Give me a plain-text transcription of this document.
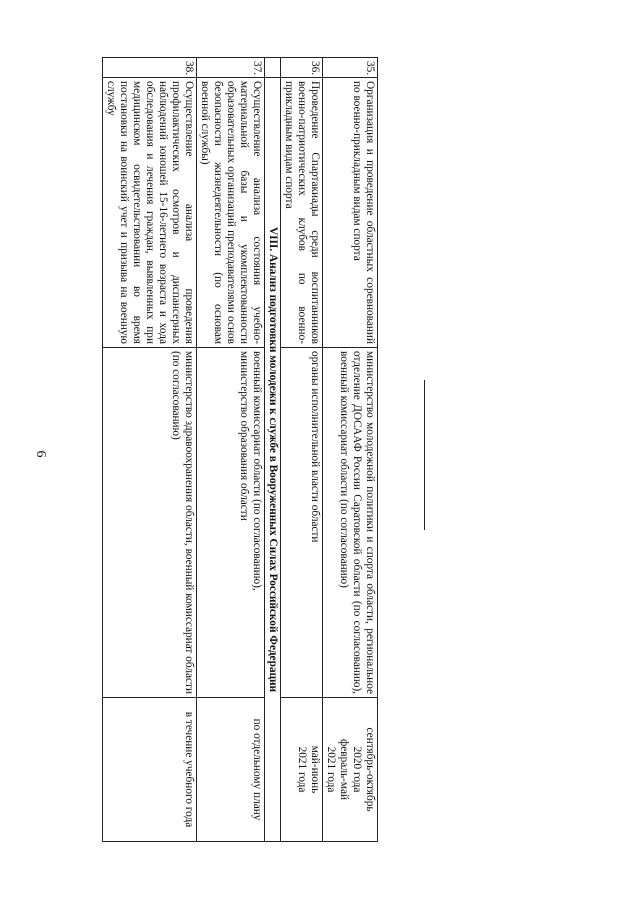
6
35.	Организация и проведение областных соревнований по военно-прикладным видам спорта	министерство молодежной политики и спорта области, региональное отделение ДОСААФ России Саратовской области (по согласованию), военный комиссариат области (по согласованию)	сентябрь-октябрь
2020 года
февраль-май
2021 года

36.	Проведение Спартакиады среди воспитанников военно-патриотических клубов по военно-прикладным видам спорта	органы исполнительной власти области	май-июнь
2021 года

	VIII. Анализ подготовки молодежи к службе в Вооруженных Силах Российской Федерации		
37.	Осуществление анализа состояния учебно-материальной базы и укомплектованности образовательных организаций преподавателями основ безопасности жизнедеятельности (по основам военной службы)	военный комиссариат области (по согласованию),
министерство образования области	по отдельному плану
38.	Осуществление анализа проведения профилактических осмотров и диспансерных наблюдений юношей 15-16-летнего возраста и хода обследования и лечения граждан, выявленных при медицинском освидетельствовании во время постановки на воинский учет и призыва на военную службу	министерство здравоохранения области, военный комиссариат области (по согласованию)	в течение учебного года
